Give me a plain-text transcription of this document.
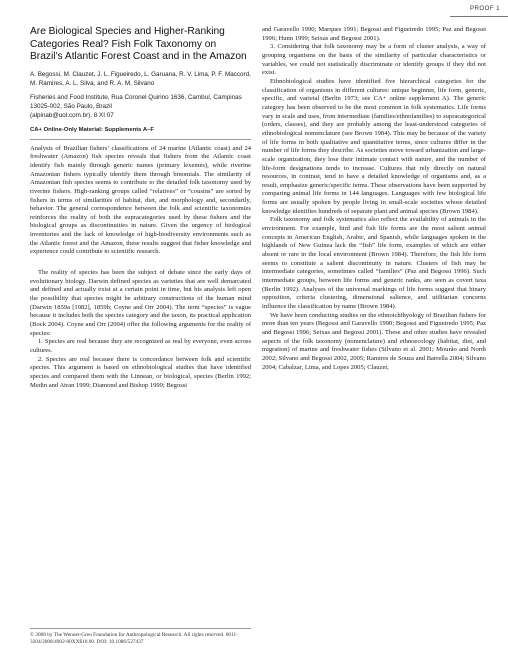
PROOF 1
Are Biological Species and Higher-Ranking Categories Real? Fish Folk Taxonomy on Brazil’s Atlantic Forest Coast and in the Amazon
A. Begossi, M. Clauzet, J. L. Figueiredo, L. Garuana, R. V. Lima, P. F. Maccord, M. Ramires, A. L. Silva, and R. A. M. Silvano
Fisheries and Food Institute, Rua Coronel Quirino 1636, Cambuí, Campinas 13025-002, São Paulo, Brazil
(alpinab@uol.com.br). 8 XI 07
CA+ Online-Only Material: Supplements A–F

Analysis of Brazilian fishers’ classifications of 24 marine (Atlantic coast) and 24 freshwater (Amazon) fish species reveals that fishers from the Atlantic coast identify fish mainly through generic names (primary lexemes), while riverine Amazonian fishers typically identify them through binomials. The similarity of Amazonian fish species seems to contribute to the detailed folk taxonomy used by riverine fishers. High-ranking groups called “relatives” or “cousins” are sorted by fishers in terms of similarities of habitat, diet, and morphology and, secondarily, behavior. The general correspondence between the folk and scientific taxonomies reinforces the reality of both the supracategories used by these fishers and the biological groups as discontinuities in nature. Given the urgency of biological inventories and the lack of knowledge of high-biodiversity environments such as the Atlantic forest and the Amazon, these results suggest that fisher knowledge and experience could contribute to scientific research.

The reality of species has been the subject of debate since the early days of evolutionary biology. Darwin defined species as varieties that are well demarcated and defined and actually exist at a certain point in time, but his analysis left open the possibility that species might be arbitrary constructions of the human mind (Darwin 1859a [1982], 1859b; Coyne and Orr 2004). The term “species” is vague because it includes both the species category and the taxon, its practical application (Bock 2004). Coyne and Orr (2004) offer the following arguments for the reality of species:

1. Species are real because they are recognized as real by everyone, even across cultures.

2. Species are real because there is concordance between folk and scientific species. This argument is based on ethnobiological studies that have identified species and compared them with the Linnean, or biological, species (Berlin 1992; Medin and Atran 1999; Diamond and Bishop 1999; Begossi

© 2008 by The Wenner-Gren Foundation for Anthropological Research. All rights reserved. 0011-3204/2008/4902-00XX$10.00. DOI: 10.1086/527437

and Garavello 1990; Marques 1991; Begossi and Figueiredo 1995; Paz and Begossi 1996; Hunn 1999; Seixas and Begossi 2001).

3. Considering that folk taxonomy may be a form of cluster analysis, a way of grouping organisms on the basis of the similarity of particular characteristics or variables, we could not statistically discriminate or identify groups if they did not exist.

Ethnobiological studies have identified five hierarchical categories for the classification of organisms in different cultures: unique beginner, life form, generic, specific, and varietal (Berlin 1973; see CA+ online supplement A). The generic category has been observed to be the most common in folk systematics. Life forms vary in scale and uses, from intermediate (families/ethnofamilies) to supracategorical (orders, classes), and they are probably among the least-understood categories of ethnobiological nomenclature (see Brown 1984). This may be because of the variety of life forms in both qualitative and quantitative terms, since cultures differ in the number of life forms they describe. As societies move toward urbanization and large-scale organization, they lose their intimate contact with nature, and the number of life-form designations tends to increase. Cultures that rely directly on natural resources, in contrast, tend to have a detailed knowledge of organisms and, as a result, emphasize generic/specific terms. These observations have been supported by comparing animal life forms in 144 languages. Languages with few biological life forms are usually spoken by people living in small-scale societies whose detailed knowledge identifies hundreds of separate plant and animal species (Brown 1984).

Folk taxonomy and folk systematics also reflect the availability of animals in the environment. For example, bird and fish life forms are the most salient animal concepts in American English, Arabic, and Spanish, while languages spoken in the highlands of New Guinea lack the “fish” life form, examples of which are either absent or rare in the local environment (Brown 1984). Therefore, the fish life form seems to constitute a salient discontinuity in nature. Clusters of fish may be intermediate categories, sometimes called “families” (Paz and Begossi 1996). Such intermediate groups, between life forms and generic ranks, are seen as covert taxa (Berlin 1992). Analyses of the universal markings of life forms suggest that binary opposition, criteria clustering, dimensional salience, and utilitarian concerns influence the classification by name (Brown 1984).

We have been conducting studies on the ethnoichthyology of Brazilian fishers for more than ten years (Begossi and Garavello 1990; Begossi and Figueiredo 1995; Paz and Begossi 1996; Seixas and Begossi 2001). These and other studies have revealed aspects of the folk taxonomy (nomenclature) and ethnoecology (habitat, diet, and migration) of marine and freshwater fishes (Silvano et al. 2001; Mourão and Nordi 2002; Silvano and Begossi 2002, 2005; Ramires de Souza and Barrella 2004; Silvano 2004; Cabalzar, Lima, and Lopes 2005; Clauzet,
